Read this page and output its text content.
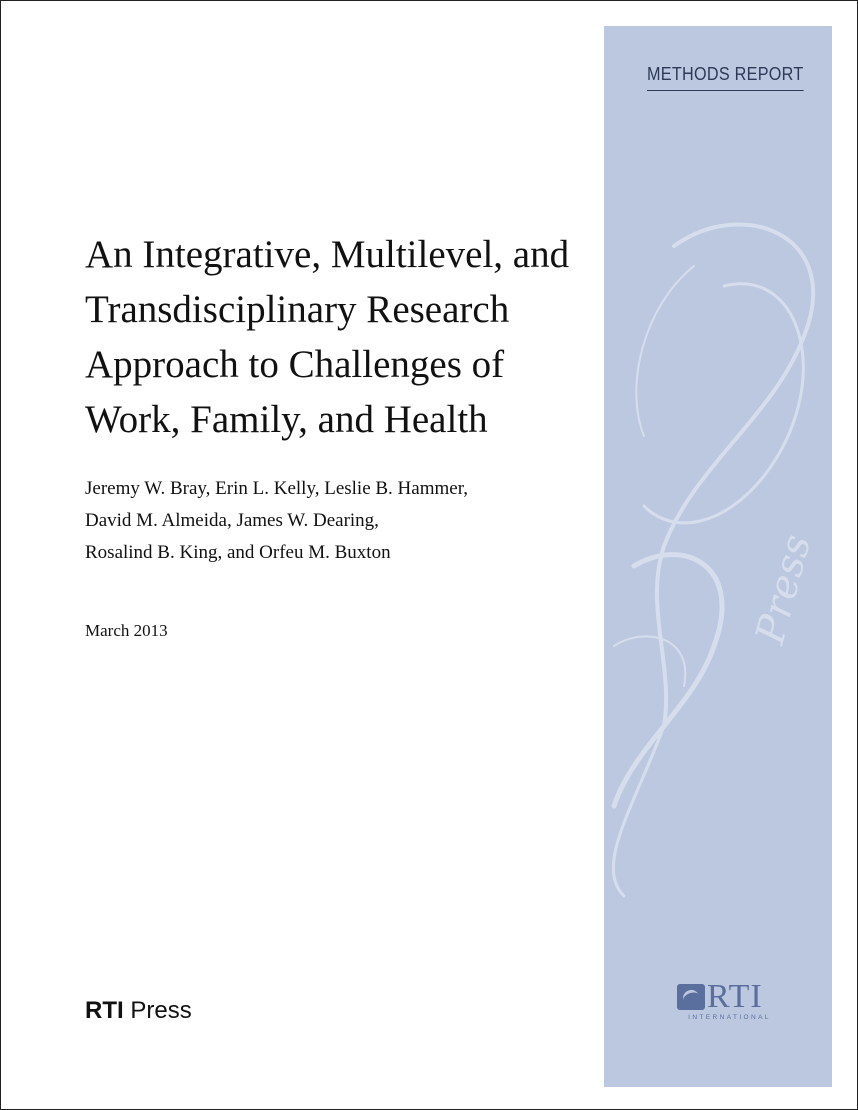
METHODS REPORT
Press
RTI
INTERNATIONAL
An Integrative, Multilevel, and
Transdisciplinary Research
Approach to Challenges of
Work, Family, and Health
Jeremy W. Bray, Erin L. Kelly, Leslie B. Hammer,
David M. Almeida, James W. Dearing,
Rosalind B. King, and Orfeu M. Buxton
March 2013
RTI Press
